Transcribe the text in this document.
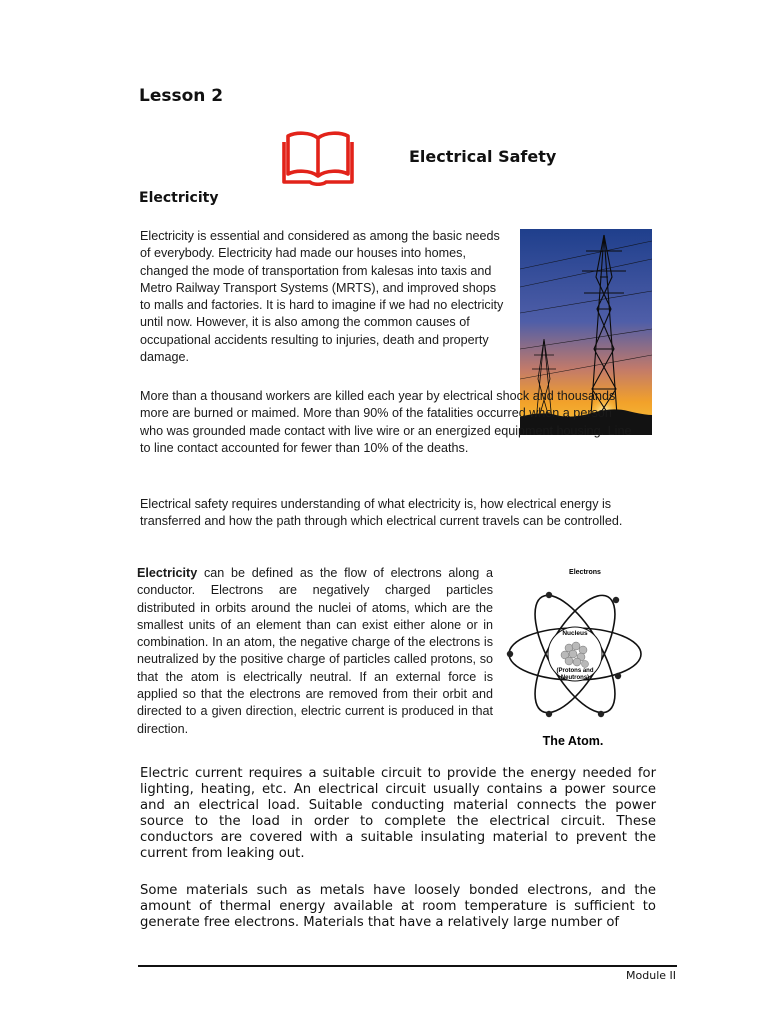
Lesson 2
Electrical Safety
Electricity
Electricity is essential and considered as among the basic needs of everybody. Electricity had made our houses into homes, changed the mode of transportation from kalesas into taxis and Metro Railway Transport Systems (MRTS), and improved shops to malls and factories. It is hard to imagine if we had no electricity until now. However, it is also among the common causes of occupational accidents resulting to injuries, death and property damage.
More than a thousand workers are killed each year by electrical shock and thousands more are burned or maimed. More than 90% of the fatalities occurred when a person who was grounded made contact with live wire or an energized equipment housing. Line to line contact accounted for fewer than 10% of the deaths.
Electrical safety requires understanding of what electricity is, how electrical energy is transferred and how the path through which electrical current travels can be controlled.
Electricity can be defined as the flow of electrons along a conductor. Electrons are negatively charged particles distributed in orbits around the nuclei of atoms, which are the smallest units of an element than can exist either alone or in combination. In an atom, the negative charge of the electrons is neutralized by the positive charge of particles called protons, so that the atom is electrically neutral. If an external force is applied so that the electrons are removed from their orbit and directed to a given direction, electric current is produced in that direction.
Electrons
Nucleus
(Protons and
Neutrons)
The Atom.
Electric current requires a suitable circuit to provide the energy needed for lighting, heating, etc. An electrical circuit usually contains a power source and an electrical load. Suitable conducting material connects the power source to the load in order to complete the electrical circuit. These conductors are covered with a suitable insulating material to prevent the current from leaking out.
Some materials such as metals have loosely bonded electrons, and the amount of thermal energy available at room temperature is sufficient to generate free electrons. Materials that have a relatively large number of
Module II
